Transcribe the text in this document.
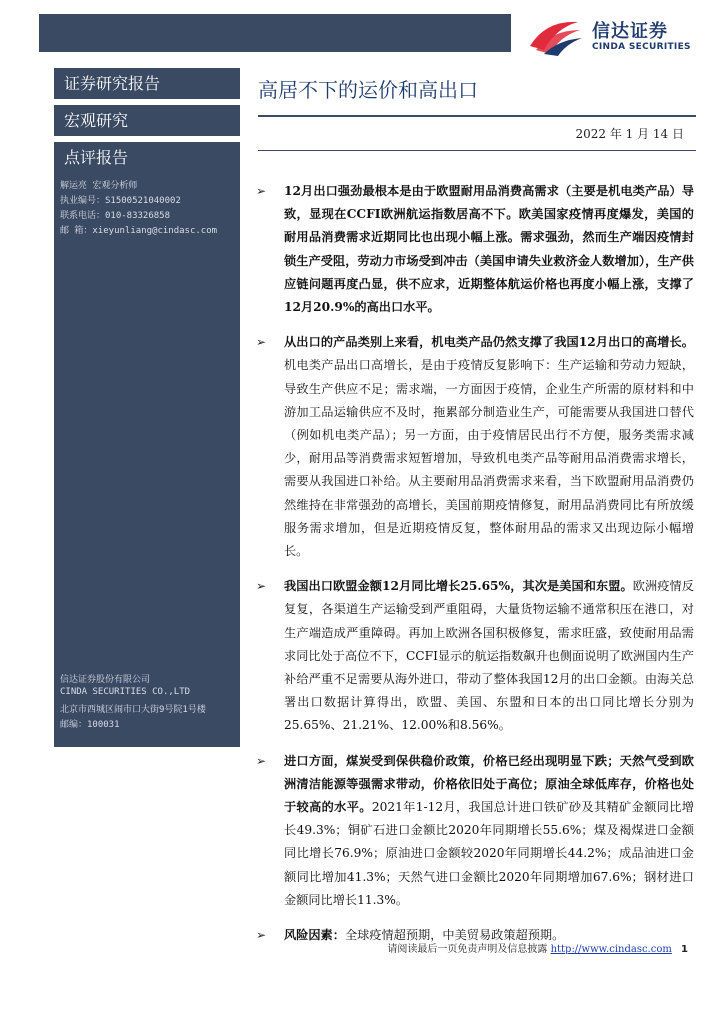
信达证券
CINDA SECURITIES
证券研究报告
宏观研究
点评报告
解运亮 宏观分析师
执业编号：S1500521040002
联系电话：010-83326858
邮 箱：xieyunliang@cindasc.com
信达证券股份有限公司
CINDA SECURITIES CO.,LTD
北京市西城区闹市口大街9号院1号楼
邮编：100031
高居不下的运价和高出口
2022 年 1 月 14 日
➢ 12月出口强劲最根本是由于欧盟耐用品消费高需求（主要是机电类产品）导致，显现在CCFI欧洲航运指数居高不下。欧美国家疫情再度爆发，美国的耐用品消费需求近期同比也出现小幅上涨。需求强劲，然而生产端因疫情封锁生产受阻，劳动力市场受到冲击（美国申请失业救济金人数增加），生产供应链问题再度凸显，供不应求，近期整体航运价格也再度小幅上涨，支撑了12月20.9%的高出口水平。
➢ 从出口的产品类别上来看，机电类产品仍然支撑了我国12月出口的高增长。机电类产品出口高增长，是由于疫情反复影响下：生产运输和劳动力短缺，导致生产供应不足；需求端，一方面因于疫情，企业生产所需的原材料和中游加工品运输供应不及时，拖累部分制造业生产，可能需要从我国进口替代（例如机电类产品）；另一方面，由于疫情居民出行不方便，服务类需求减少，耐用品等消费需求短暂增加，导致机电类产品等耐用品消费需求增长，需要从我国进口补给。从主要耐用品消费需求来看，当下欧盟耐用品消费仍然维持在非常强劲的高增长，美国前期疫情修复，耐用品消费同比有所放缓服务需求增加，但是近期疫情反复，整体耐用品的需求又出现边际小幅增长。
➢ 我国出口欧盟金额12月同比增长25.65%，其次是美国和东盟。欧洲疫情反复复，各渠道生产运输受到严重阻碍，大量货物运输不通常积压在港口，对生产端造成严重障碍。再加上欧洲各国积极修复，需求旺盛，致使耐用品需求同比处于高位不下，CCFI显示的航运指数飙升也侧面说明了欧洲国内生产补给严重不足需要从海外进口，带动了整体我国12月的出口金额。由海关总署出口数据计算得出，欧盟、美国、东盟和日本的出口同比增长分别为25.65%、21.21%、12.00%和8.56%。
➢ 进口方面，煤炭受到保供稳价政策，价格已经出现明显下跌；天然气受到欧洲清洁能源等强需求带动，价格依旧处于高位；原油全球低库存，价格也处于较高的水平。2021年1-12月，我国总计进口铁矿砂及其精矿金额同比增长49.3%；铜矿石进口金额比2020年同期增长55.6%；煤及褐煤进口金额同比增长76.9%；原油进口金额较2020年同期增长44.2%；成品油进口金额同比增加41.3%；天然气进口金额比2020年同期增加67.6%；钢材进口金额同比增长11.3%。
➢ 风险因素：全球疫情超预期，中美贸易政策超预期。
请阅读最后一页免责声明及信息披露 http://www.cindasc.com 1
